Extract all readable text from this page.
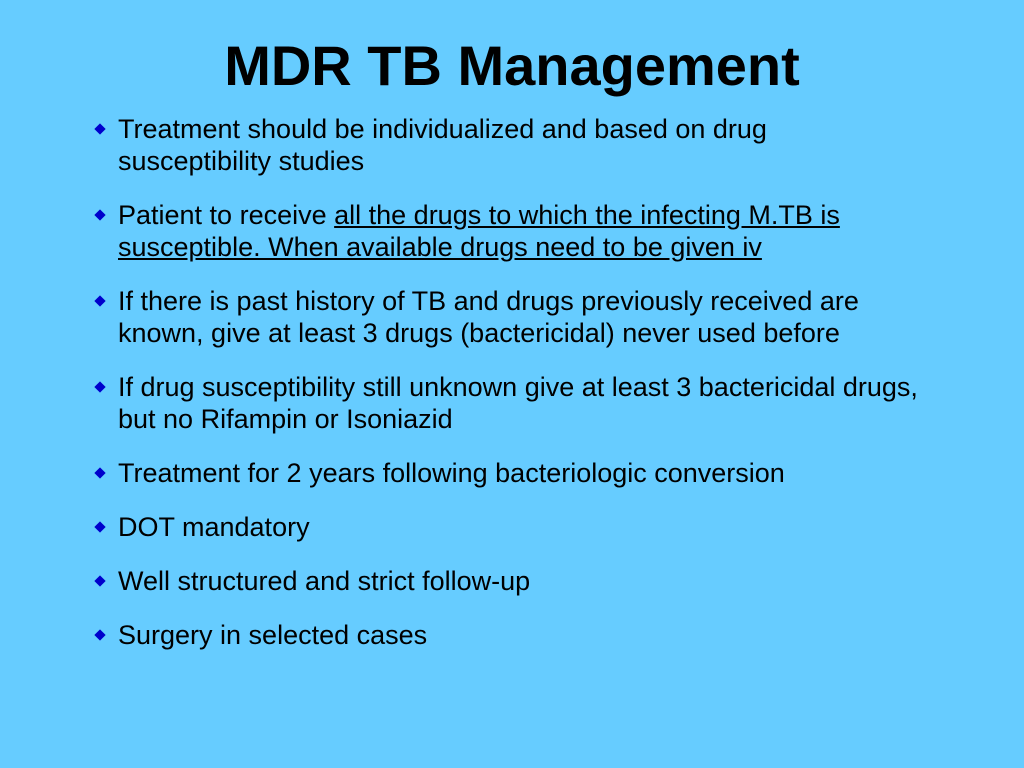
MDR TB Management
Treatment should be individualized and based on drug susceptibility studies
Patient to receive all the drugs to which the infecting M.TB is susceptible. When available drugs need to be given iv
If there is past history of TB and drugs previously received are known, give at least 3 drugs (bactericidal) never used before
If drug susceptibility still unknown give at least 3 bactericidal drugs, but no Rifampin or Isoniazid
Treatment for 2 years following bacteriologic conversion
DOT mandatory
Well structured and strict follow-up
Surgery in selected cases
